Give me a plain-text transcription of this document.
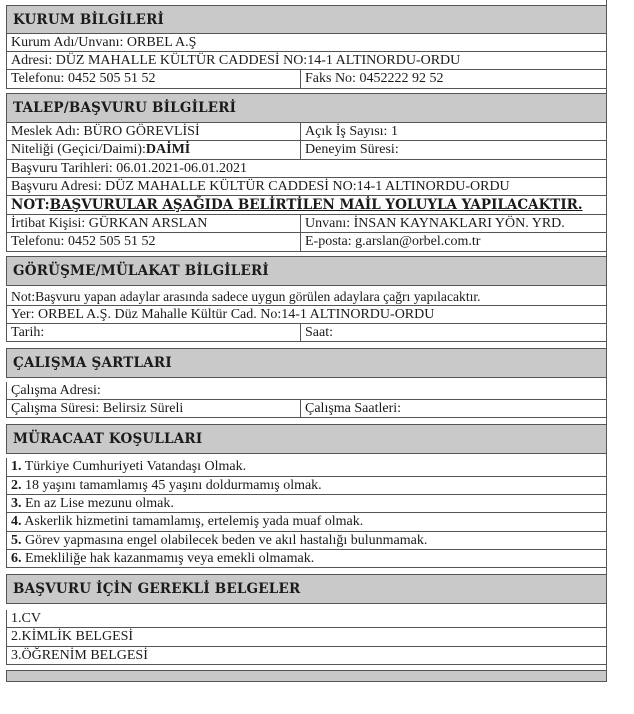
KURUM BİLGİLERİ
Kurum Adı/Unvanı: ORBEL A.Ş
Adresi: DÜZ MAHALLE KÜLTÜR CADDESİ NO:14-1 ALTINORDU-ORDU
Telefonu: 0452 505 51 52	Faks No: 0452222 92 52
TALEP/BAŞVURU BİLGİLERİ
Meslek Adı: BÜRO GÖREVLİSİ	Açık İş Sayısı: 1
Niteliği (Geçici/Daimi): DAİMİ	Deneyim Süresi:
Başvuru Tarihleri: 06.01.2021-06.01.2021
Başvuru Adresi: DÜZ MAHALLE KÜLTÜR CADDESİ NO:14-1 ALTINORDU-ORDU
NOT: BAŞVURULAR AŞAĞIDA BELİRTİLEN MAİL YOLUYLA YAPILACAKTIR.
İrtibat Kişisi: GÜRKAN ARSLAN	Unvanı: İNSAN KAYNAKLARI YÖN. YRD.
Telefonu: 0452 505 51 52	E-posta: g.arslan@orbel.com.tr
GÖRÜŞME/MÜLAKAT BİLGİLERİ
Not:Başvuru yapan adaylar arasında sadece uygun görülen adaylara çağrı yapılacaktır.
Yer: ORBEL A.Ş. Düz Mahalle Kültür Cad. No:14-1 ALTINORDU-ORDU
Tarih:	Saat:
ÇALIŞMA ŞARTLARI
Çalışma Adresi:
Çalışma Süresi: Belirsiz Süreli	Çalışma Saatleri:
MÜRACAAT KOŞULLARI
1. Türkiye Cumhuriyeti Vatandaşı Olmak.
2. 18 yaşını tamamlamış 45 yaşını doldurmamış olmak.
3. En az Lise mezunu olmak.
4. Askerlik hizmetini tamamlamış, ertelemiş yada muaf olmak.
5. Görev yapmasına engel olabilecek beden ve akıl hastalığı bulunmamak.
6. Emekliliğe hak kazanmamış veya emekli olmamak.
BAŞVURU İÇİN GEREKLİ BELGELER
1.CV
2.KİMLİK BELGESİ
3.ÖĞRENİM BELGESİ
